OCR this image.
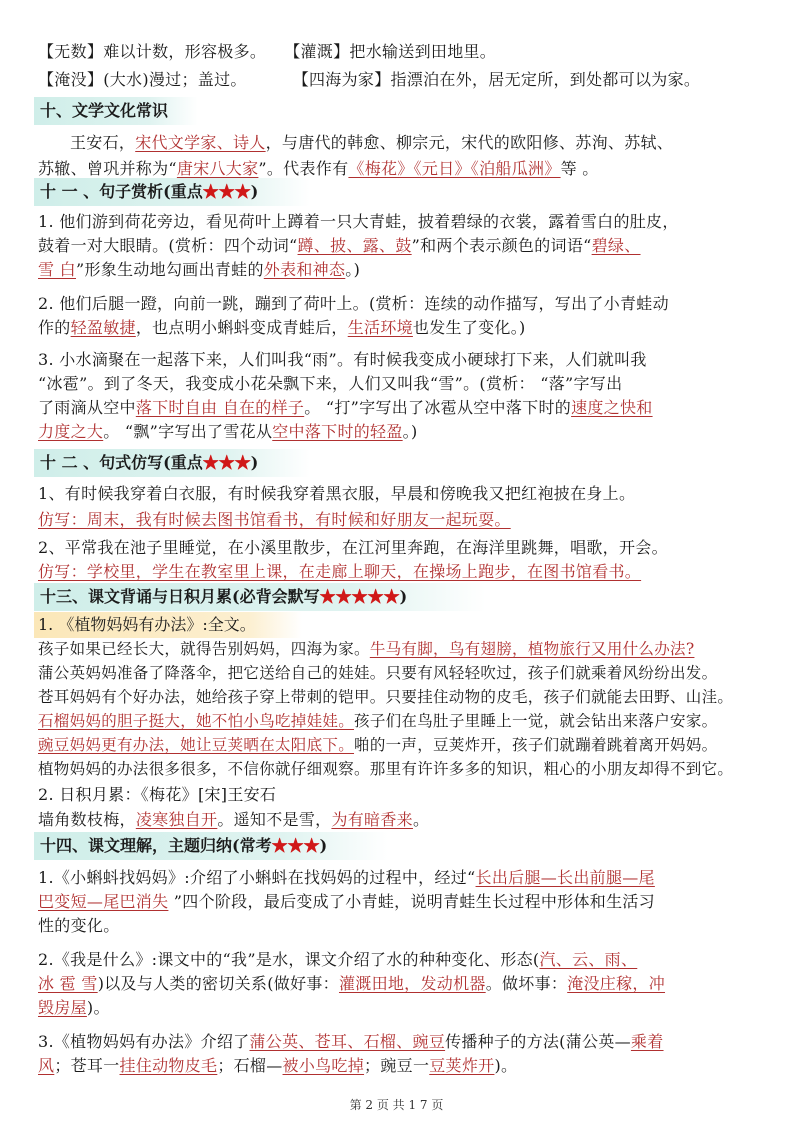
【无数】难以计数，形容极多。 【灌溉】把水输送到田地里。
【淹没】(大水)漫过；盖过。	【四海为家】指漂泊在外，居无定所，到处都可以为家。
十、文学文化常识
王安石，宋代文学家、诗人，与唐代的韩愈、柳宗元，宋代的欧阳修、苏洵、苏轼、
苏辙、曾巩并称为“唐宋八大家”。代表作有《梅花》《元日》《泊船瓜洲》等 。
十 一 、句子赏析(重点★★★)
1. 他们游到荷花旁边，看见荷叶上蹲着一只大青蛙，披着碧绿的衣裳，露着雪白的肚皮，
鼓着一对大眼睛。(赏析：四个动词“蹲、披、露、鼓”和两个表示颜色的词语“碧绿、
雪 白”形象生动地勾画出青蛙的外表和神态。)
2. 他们后腿一蹬，向前一跳，蹦到了荷叶上。(赏析：连续的动作描写，写出了小青蛙动
作的轻盈敏捷，也点明小蝌蚪变成青蛙后，生活环境也发生了变化。)
3. 小水滴聚在一起落下来，人们叫我“雨”。有时候我变成小硬球打下来，人们就叫我
“冰雹”。到了冬天，我变成小花朵飘下来，人们又叫我“雪”。(赏析： “落”字写出
了雨滴从空中落下时自由 自在的样子。 “打”字写出了冰雹从空中落下时的速度之快和
力度之大。 “飘”字写出了雪花从空中落下时的轻盈。)
十 二 、句式仿写(重点★★★)
1、有时候我穿着白衣服，有时候我穿着黑衣服，早晨和傍晚我又把红袍披在身上。
仿写：周末，我有时候去图书馆看书，有时候和好朋友一起玩耍。
2、平常我在池子里睡觉，在小溪里散步，在江河里奔跑，在海洋里跳舞，唱歌，开会。
仿写：学校里，学生在教室里上课，在走廊上聊天，在操场上跑步，在图书馆看书。
十三、课文背诵与日积月累(必背会默写★★★★★)
1. 《植物妈妈有办法》:全文。
孩子如果已经长大，就得告别妈妈，四海为家。牛马有脚，鸟有翅膀，植物旅行又用什么办法?
蒲公英妈妈准备了降落伞，把它送给自己的娃娃。只要有风轻轻吹过，孩子们就乘着风纷纷出发。
苍耳妈妈有个好办法，她给孩子穿上带刺的铠甲。只要挂住动物的皮毛，孩子们就能去田野、山洼。
石榴妈妈的胆子挺大，她不怕小鸟吃掉娃娃。孩子们在鸟肚子里睡上一觉，就会钻出来落户安家。
豌豆妈妈更有办法，她让豆荚晒在太阳底下。啪的一声，豆荚炸开，孩子们就蹦着跳着离开妈妈。
植物妈妈的办法很多很多，不信你就仔细观察。那里有许许多多的知识，粗心的小朋友却得不到它。
2. 日积月累：《梅花》[宋]王安石
墙角数枝梅，凌寒独自开。遥知不是雪，为有暗香来。
十四、课文理解，主题归纳(常考★★★)
1.《小蝌蚪找妈妈》:介绍了小蝌蚪在找妈妈的过程中，经过“长出后腿—长出前腿—尾
巴变短—尾巴消失 ”四个阶段，最后变成了小青蛙，说明青蛙生长过程中形体和生活习
性的变化。
2.《我是什么》:课文中的“我”是水，课文介绍了水的种种变化、形态(汽、云、雨、
冰 雹 雪)以及与人类的密切关系(做好事：灌溉田地，发动机器。做坏事：淹没庄稼，冲
毁房屋)。
3.《植物妈妈有办法》介绍了蒲公英、苍耳、石榴、豌豆传播种子的方法(蒲公英—乘着
风；苍耳一挂住动物皮毛；石榴—被小鸟吃掉；豌豆一豆荚炸开)。
第 2 页 共 1 7 页
